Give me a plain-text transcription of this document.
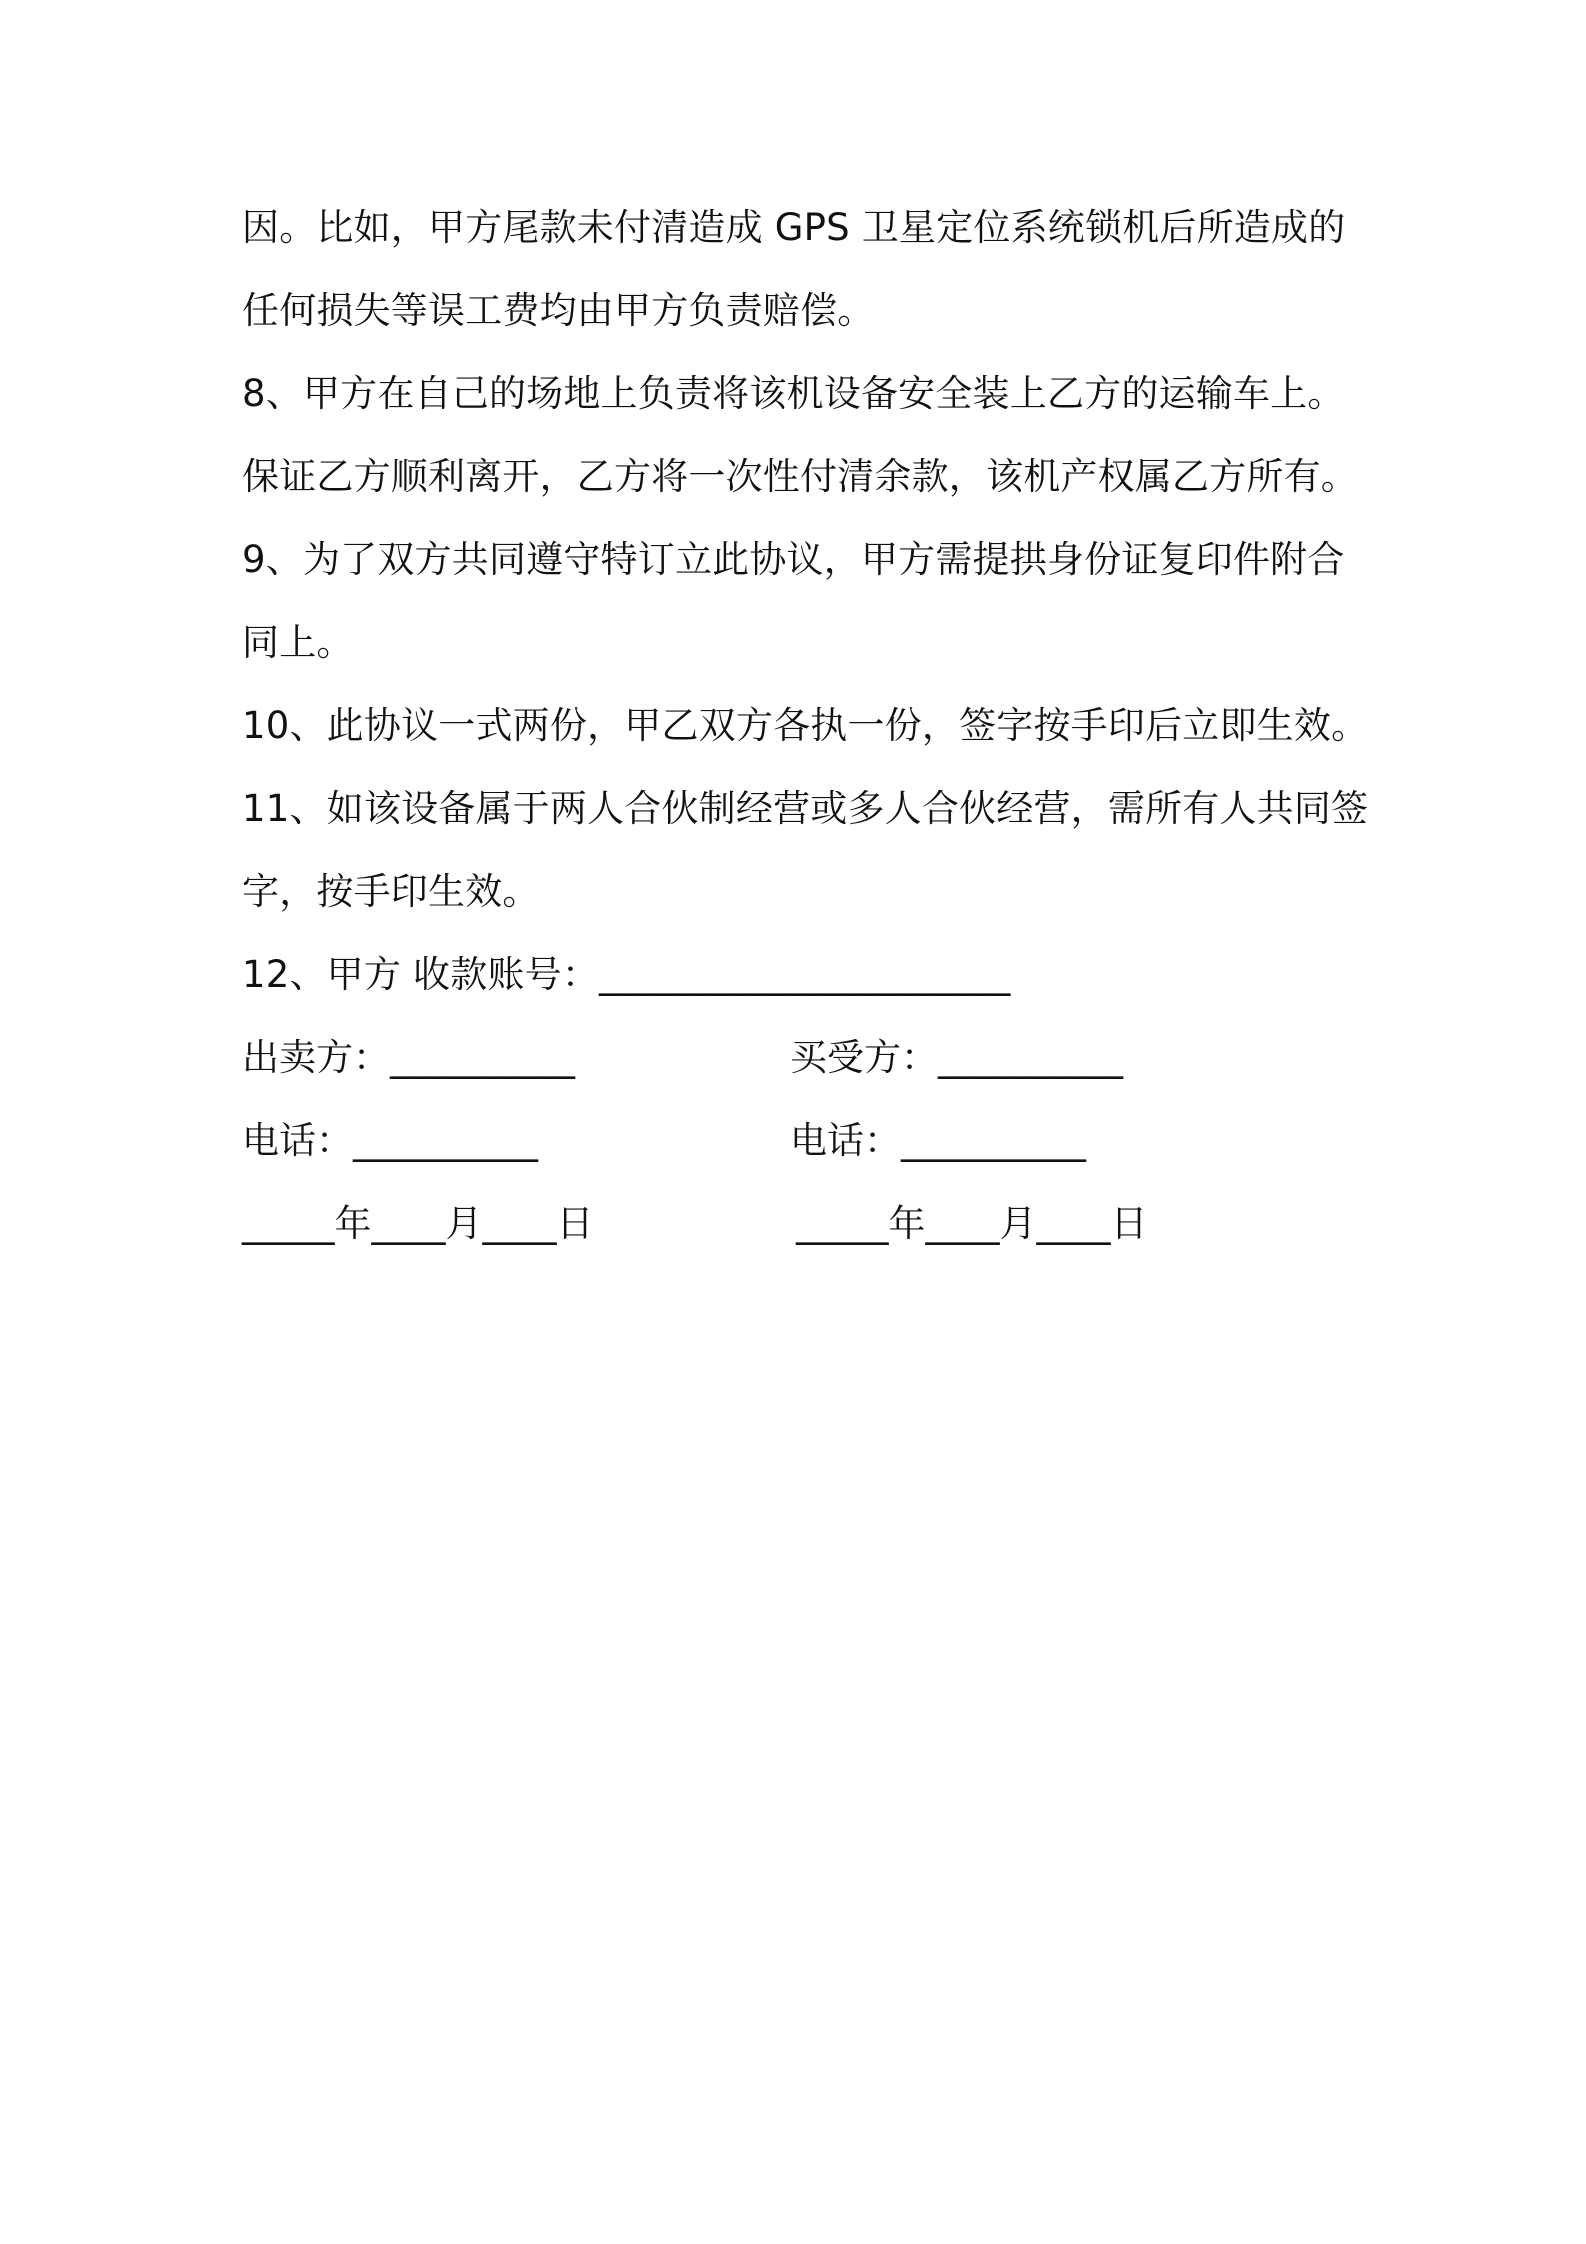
因。比如，甲方尾款未付清造成 GPS 卫星定位系统锁机后所造成的
任何损失等误工费均由甲方负责赔偿。
8、甲方在自己的场地上负责将该机设备安全装上乙方的运输车上。
保证乙方顺利离开，乙方将一次性付清余款，该机产权属乙方所有。
9、为了双方共同遵守特订立此协议，甲方需提拱身份证复印件附合
同上。
10、此协议一式两份，甲乙双方各执一份，签字按手印后立即生效。
11、如该设备属于两人合伙制经营或多人合伙经营，需所有人共同签
字，按手印生效。
12、甲方 收款账号：______________________
出卖方：__________	买受方：__________
电话：__________	电话：__________
_____年____月____日	_____年____月____日
